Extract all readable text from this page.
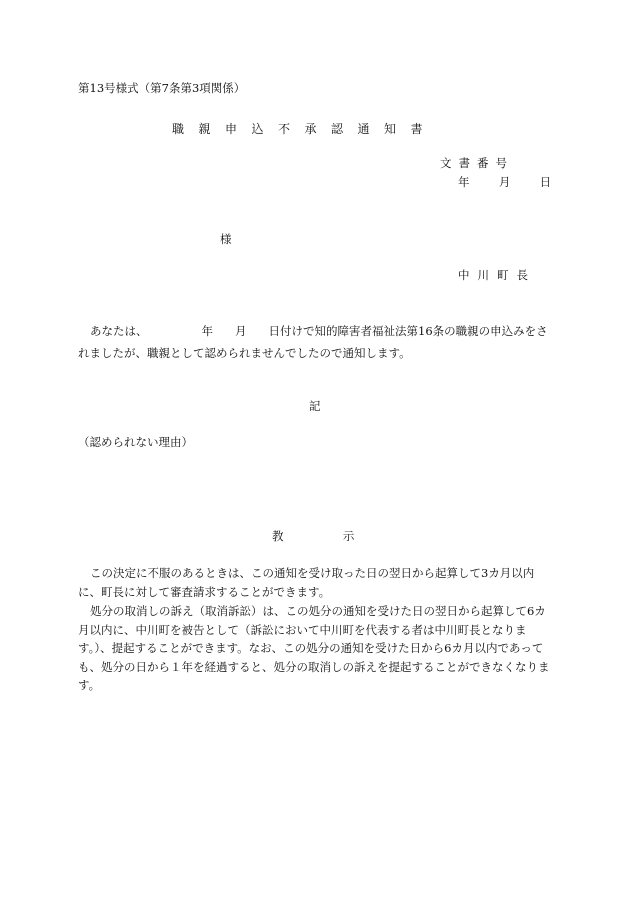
第13号様式（第7条第3項関係）
職親申込不承認通知書
文書番号
年	月	日
様
中川町長
あなたは、	年 月 日付けで知的障害者福祉法第16条の職親の申込みをされましたが、職親として認められませんでしたので通知します。
記
（認められない理由）
教	示
この決定に不服のあるときは、この通知を受け取った日の翌日から起算して3カ月以内に、町長に対して審査請求することができます。
処分の取消しの訴え（取消訴訟）は、この処分の通知を受けた日の翌日から起算して6カ月以内に、中川町を被告として（訴訟において中川町を代表する者は中川町長となります。）、提起することができます。なお、この処分の通知を受けた日から6カ月以内であっても、処分の日から１年を経過すると、処分の取消しの訴えを提起することができなくなります。
